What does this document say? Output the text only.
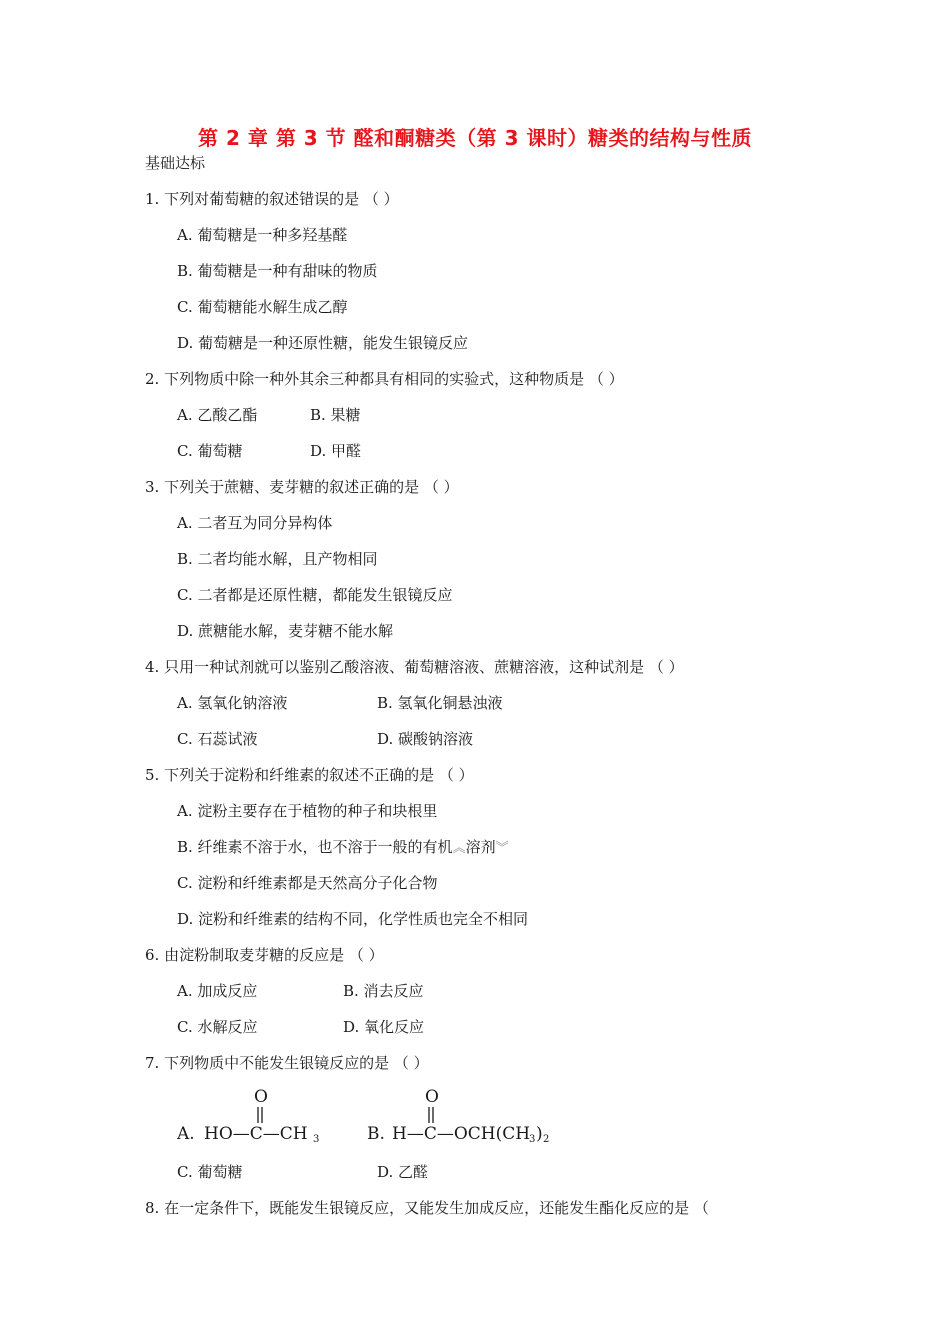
第 2 章 第 3 节 醛和酮糖类（第 3 课时）糖类的结构与性质
基础达标
1. 下列对葡萄糖的叙述错误的是 （ ）
A. 葡萄糖是一种多羟基醛
B. 葡萄糖是一种有甜味的物质
C. 葡萄糖能水解生成乙醇
D. 葡萄糖是一种还原性糖，能发生银镜反应
2. 下列物质中除一种外其余三种都具有相同的实验式，这种物质是 （ ）
A. 乙酸乙酯	B. 果糖
C. 葡萄糖	D. 甲醛
3. 下列关于蔗糖、麦芽糖的叙述正确的是 （ ）
A. 二者互为同分异构体
B. 二者均能水解，且产物相同
C. 二者都是还原性糖，都能发生银镜反应
D. 蔗糖能水解，麦芽糖不能水解
4. 只用一种试剂就可以鉴别乙酸溶液、葡萄糖溶液、蔗糖溶液，这种试剂是 （ ）
A. 氢氧化钠溶液	B. 氢氧化铜悬浊液
C. 石蕊试液	D. 碳酸钠溶液
5. 下列关于淀粉和纤维素的叙述不正确的是 （ ）
A. 淀粉主要存在于植物的种子和块根里
B. 纤维素不溶于水，也不溶于一般的有机︽溶剂︾
C. 淀粉和纤维素都是天然高分子化合物
D. 淀粉和纤维素的结构不同，化学性质也完全不相同
6. 由淀粉制取麦芽糖的反应是 （ ）
A. 加成反应	B. 消去反应
C. 水解反应	D. 氧化反应
7. 下列物质中不能发生银镜反应的是 （ ）
O
A. HO—C—CH 3
O
B. H—C—OCH(CH
3 ) 2
C. 葡萄糖	D. 乙醛
8. 在一定条件下，既能发生银镜反应，又能发生加成反应，还能发生酯化反应的是 （
